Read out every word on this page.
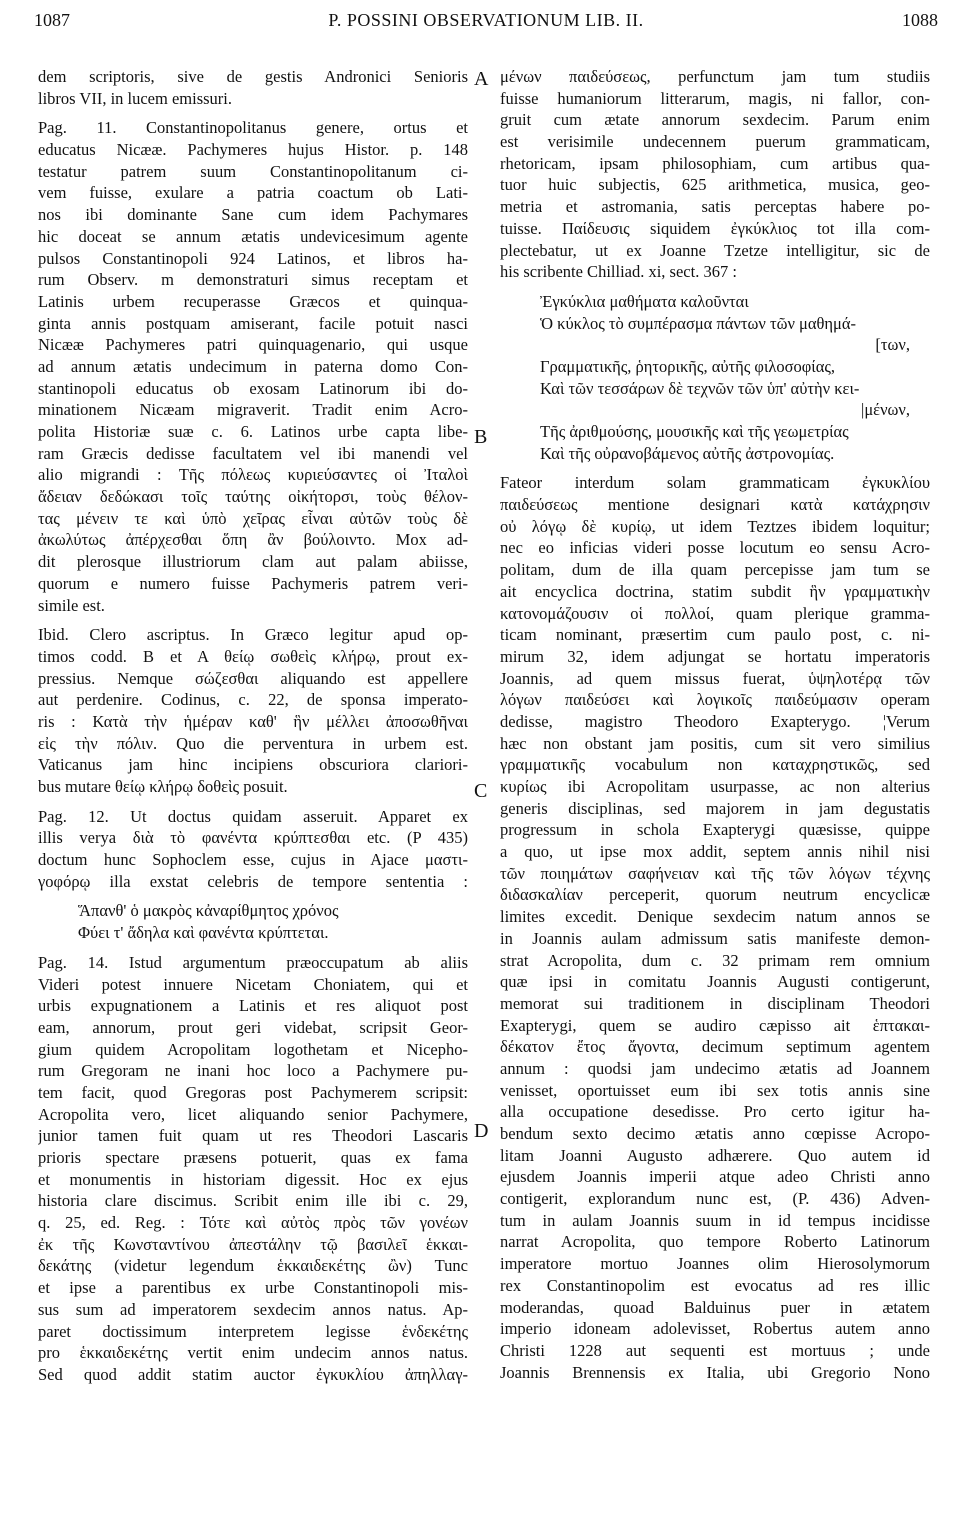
1087	P. POSSINI OBSERVATIONUM LIB. II.	1088
A
B
C
D
dem scriptoris, sive de gestis Andronici Senioris
libros VII, in lucem emissuri.
Pag. 11. Constantinopolitanus genere, ortus et
educatus Nicææ. Pachymeres hujus Histor. p. 148
testatur patrem suum Constantinopolitanum ci-
vem fuisse, exulare a patria coactum ob Lati-
nos ibi dominante Sane cum idem Pachymares
hic doceat se annum ætatis undevicesimum agente
pulsos Constantinopoli 924 Latinos, et libros ha-
rum Observ. m demonstraturi simus receptam et
Latinis urbem recuperasse Græcos et quinqua-
ginta annis postquam amiserant, facile potuit nasci
Nicææ Pachymeres patri quinquagenario, qui usque
ad annum ætatis undecimum in paterna domo Con-
stantinopoli educatus ob exosam Latinorum ibi do-
minationem Nicæam migraverit. Tradit enim Acro-
polita Historiæ suæ c. 6. Latinos urbe capta libe-
ram Græcis dedisse facultatem vel ibi manendi vel
alio migrandi : Τῆς πόλεως κυριεύσαντες οἱ Ἰταλοὶ
ἄδειαν δεδώκασι τοῖς ταύτης οἰκήτορσι, τοὺς θέλον-
τας μένειν τε καὶ ὑπὸ χεῖρας εἶναι αὐτῶν τοὺς δὲ
ἀκωλύτως ἀπέρχεσθαι ὅπη ἂν βούλοιντο. Mox ad-
dit plerosque illustriorum clam aut palam abiisse,
quorum e numero fuisse Pachymeris patrem veri-
simile est.
Ibid. Clero ascriptus. In Græco legitur apud op-
timos codd. B et A θείῳ σωθεὶς κλήρῳ, prout ex-
pressius. Nemque σώζεσθαι aliquando est appellere
aut perdenire. Codinus, c. 22, de sponsa imperato-
ris : Κατὰ τὴν ἡμέραν καθ' ἣν μέλλει ἀποσωθῆναι
εἰς τὴν πόλιν. Quo die perventura in urbem est.
Vaticanus jam hinc incipiens obscuriora clariori-
bus mutare θείῳ κλήρῳ δοθεὶς posuit.
Pag. 12. Ut doctus quidam asseruit. Apparet ex
illis verya διὰ τὸ φανέντα κρύπτεσθαι etc. (P 435)
doctum hunc Sophoclem esse, cujus in Ajace μαστι-
γοφόρῳ illa exstat celebris de tempore sententia :
Ἅπανθ' ὁ μακρὸς κἀναρίθμητος χρόνος
Φύει τ' ἄδηλα καὶ φανέντα κρύπτεται.
Pag. 14. Istud argumentum præoccupatum ab aliis
Videri potest innuere Nicetam Choniatem, qui et
urbis expugnationem a Latinis et res aliquot post
eam, annorum, prout geri videbat, scripsit Geor-
gium quidem Acropolitam logothetam et Nicepho-
rum Gregoram ne inani hoc loco a Pachymere pu-
tem facit, quod Gregoras post Pachymerem scripsit:
Acropolita vero, licet aliquando senior Pachymere,
junior tamen fuit quam ut res Theodori Lascaris
prioris spectare præsens potuerit, quas ex fama
et monumentis in historiam digessit. Hoc ex ejus
historia clare discimus. Scribit enim ille ibi c. 29,
q. 25, ed. Reg. : Τότε καὶ αὐτὸς πρὸς τῶν γονέων
ἐκ τῆς Κωνσταντίνου ἀπεστάλην τῷ βασιλεῖ ἑκκαι-
δεκάτης (videtur legendum ἑκκαιδεκέτης ὢν) Tunc
et ipse a parentibus ex urbe Constantinopoli mis-
sus sum ad imperatorem sexdecim annos natus. Ap-
paret doctissimum interpretem legisse ἑνδεκέτης
pro ἑκκαιδεκέτης vertit enim undecim annos natus.
Sed quod addit statim auctor ἐγκυκλίου ἀπηλλαγ-
μένων παιδεύσεως, perfunctum jam tum studiis
fuisse humaniorum litterarum, magis, ni fallor, con-
gruit cum ætate annorum sexdecim. Parum enim
est verisimile undecennem puerum grammaticam,
rhetoricam, ipsam philosophiam, cum artibus qua-
tuor huic subjectis, 625 arithmetica, musica, geo-
metria et astromania, satis perceptas habere po-
tuisse. Παίδευσις siquidem ἐγκύκλιος tot illa com-
plectebatur, ut ex Joanne Tzetze intelligitur, sic de
his scribente Chilliad. xi, sect. 367 :
Ἐγκύκλια μαθήματα καλοῦνται
Ὁ κύκλος τὸ συμπέρασμα πάντων τῶν μαθημά-
[των,
Γραμματικῆς, ῥητορικῆς, αὐτῆς φιλοσοφίας,
Καὶ τῶν τεσσάρων δὲ τεχνῶν τῶν ὑπ' αὐτὴν κει-
|μένων,
Τῆς ἀριθμούσης, μουσικῆς καὶ τῆς γεωμετρίας
Καὶ τῆς οὐρανοβάμενος αὐτῆς ἀστρονομίας.
Fateor interdum solam grammaticam ἐγκυκλίου
παιδεύσεως mentione designari κατὰ κατάχρησιν
οὐ λόγῳ δὲ κυρίῳ, ut idem Teztzes ibidem loquitur;
nec eo inficias videri posse locutum eo sensu Acro-
politam, dum de illa quam percepisse jam tum se
ait encyclica doctrina, statim subdit ἣν γραμματικὴν
κατονομάζουσιν οἱ πολλοί, quam plerique gramma-
ticam nominant, præsertim cum paulo post, c. ni-
mirum 32, idem adjungat se hortatu imperatoris
Joannis, ad quem missus fuerat, ὑψηλοτέρᾳ τῶν
λόγων παιδεύσει καὶ λογικοῖς παιδεύμασιν operam
dedisse, magistro Theodoro Exapterygo. ¦Verum
hæc non obstant jam positis, cum sit vero similius
γραμματικῆς vocabulum non καταχρηστικῶς, sed
κυρίως ibi Acropolitam usurpasse, ac non alterius
generis disciplinas, sed majorem in jam degustatis
progressum in schola Exapterygi quæsisse, quippe
a quo, ut ipse mox addit, septem annis nihil nisi
τῶν ποιημάτων σαφήνειαν καὶ τῆς τῶν λόγων τέχνης
διδασκαλίαν perceperit, quorum neutrum encyclicæ
limites excedit. Denique sexdecim natum annos se
in Joannis aulam admissum satis manifeste demon-
strat Acropolita, dum c. 32 primam rem omnium
quæ ipsi in comitatu Joannis Augusti contigerunt,
memorat sui traditionem in disciplinam Theodori
Exapterygi, quem se audiro cæpisso ait ἑπτακαι-
δέκατον ἔτος ἄγοντα, decimum septimum agentem
annum : quodsi jam undecimo ætatis ad Joannem
venisset, oportuisset eum ibi sex totis annis sine
alla occupatione desedisse. Pro certo igitur ha-
bendum sexto decimo ætatis anno cœpisse Acropo-
litam Joanni Augusto adhærere. Quo autem id
ejusdem Joannis imperii atque adeo Christi anno
contigerit, explorandum nunc est, (P. 436) Adven-
tum in aulam Joannis suum in id tempus incidisse
narrat Acropolita, quo tempore Roberto Latinorum
imperatore mortuo Joannes olim Hierosolymorum
rex Constantinopolim est evocatus ad res illic
moderandas, quoad Balduinus puer in ætatem
imperio idoneam adolevisset, Robertus autem anno
Christi 1228 aut sequenti est mortuus ; unde
Joannis Brennensis ex Italia, ubi Gregorio Nono
